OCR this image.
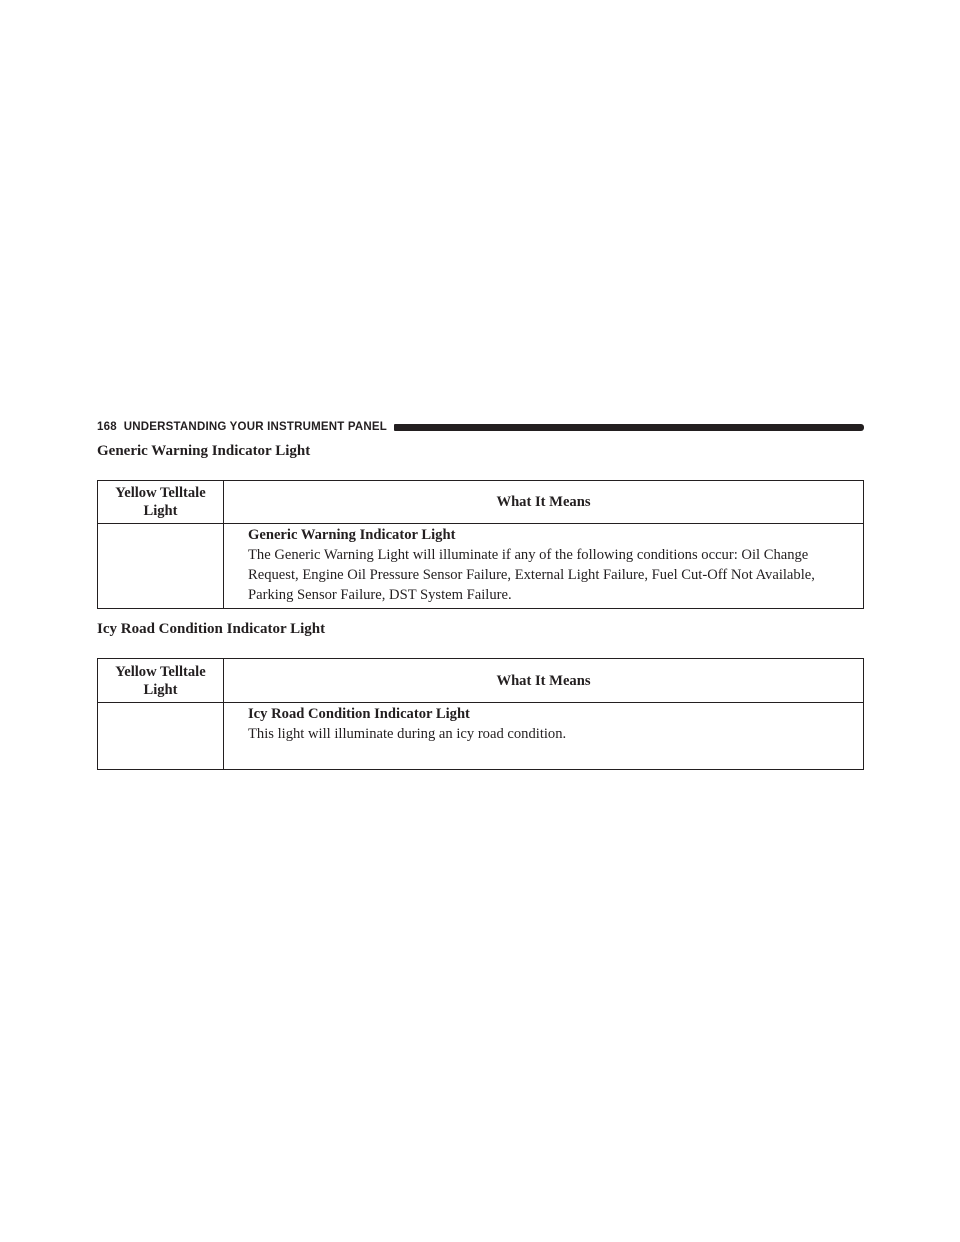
168 UNDERSTANDING YOUR INSTRUMENT PANEL
Generic Warning Indicator Light
Yellow Telltale Light	What It Means

	Generic Warning Indicator Light
The Generic Warning Light will illuminate if any of the following conditions occur: Oil Change Request, Engine Oil Pressure Sensor Failure, External Light Failure, Fuel Cut-Off Not Available, Parking Sensor Failure, DST System Failure.
Icy Road Condition Indicator Light
Yellow Telltale Light	What It Means

	Icy Road Condition Indicator Light
This light will illuminate during an icy road condition.
